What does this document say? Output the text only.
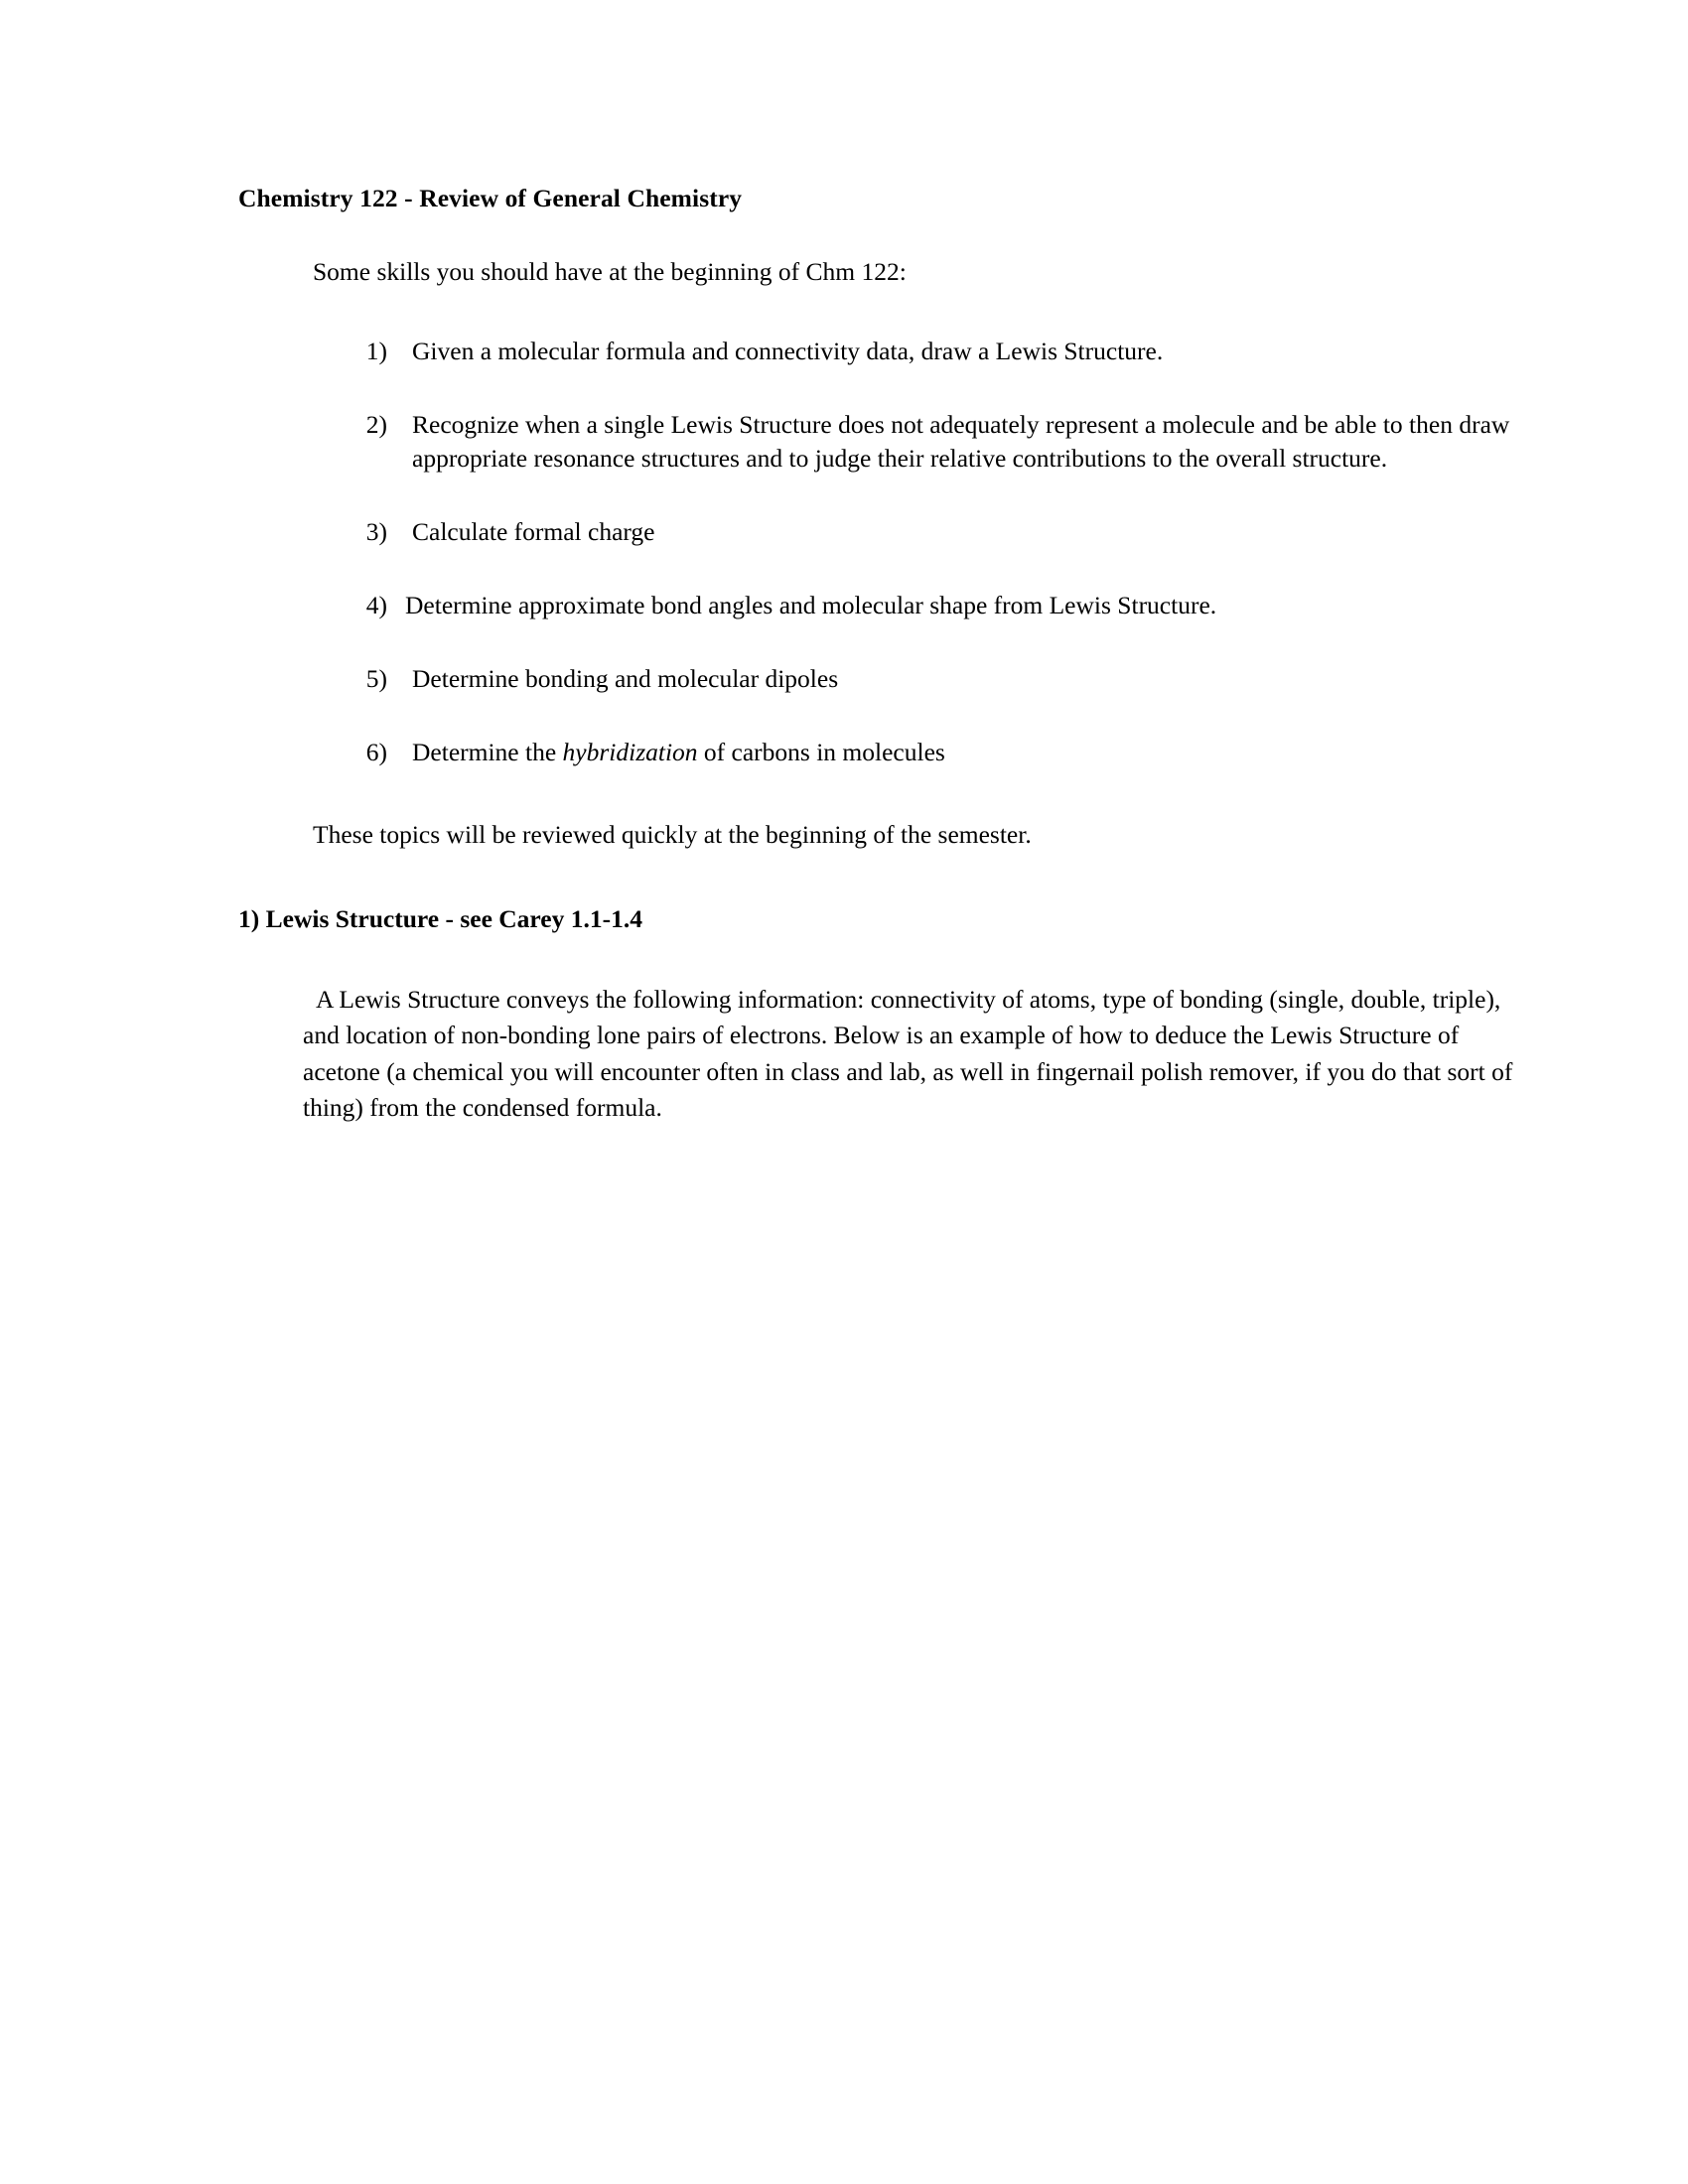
Chemistry 122 - Review of General Chemistry
Some skills you should have at the beginning of Chm 122:
1) Given a molecular formula and connectivity data, draw a Lewis Structure.
2) Recognize when a single Lewis Structure does not adequately represent a molecule and be able to then draw appropriate resonance structures and to judge their relative contributions to the overall structure.
3) Calculate formal charge
4) Determine approximate bond angles and molecular shape from Lewis Structure.
5) Determine bonding and molecular dipoles
6) Determine the hybridization of carbons in molecules
These topics will be reviewed quickly at the beginning of the semester.
1) Lewis Structure - see Carey 1.1-1.4
A Lewis Structure conveys the following information: connectivity of atoms, type of bonding (single, double, triple), and location of non-bonding lone pairs of electrons. Below is an example of how to deduce the Lewis Structure of acetone (a chemical you will encounter often in class and lab, as well in fingernail polish remover, if you do that sort of thing) from the condensed formula.
